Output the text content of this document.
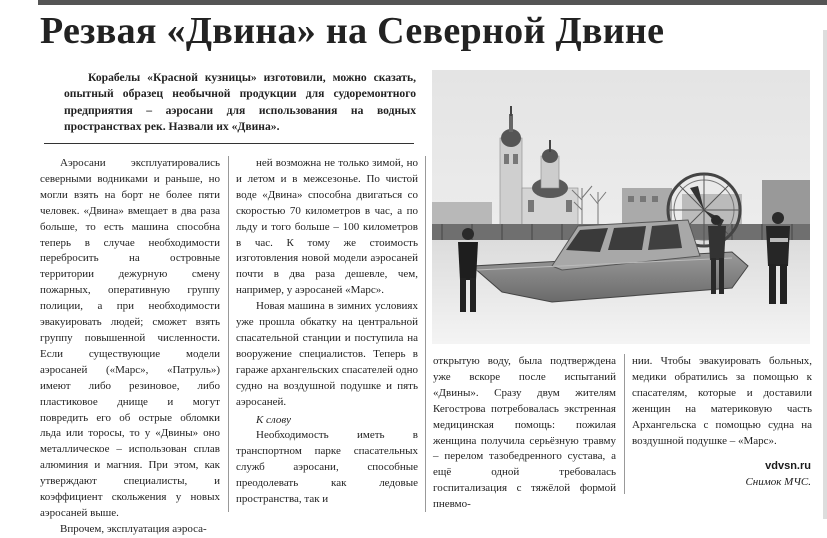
Резвая «Двина» на Северной Двине
Корабелы «Красной кузницы» изготовили, можно сказать, опытный образец необычной продукции для судоремонтного предприятия – аэросани для использования на водных пространствах рек. Назвали их «Двина».

Аэросани эксплуатировались северными водниками и раньше, но могли взять на борт не более пяти человек. «Двина» вмещает в два раза больше, то есть машина способна теперь в случае необходимости перебросить на островные территории дежурную смену пожарных, оперативную группу полиции, а при необходимости эвакуировать людей; сможет взять группу повышенной численности. Если существующие модели аэросаней («Марс», «Патруль») имеют либо резиновое, либо пластиковое днище и могут повредить его об острые обломки льда или торосы, то у «Двины» оно металлическое – использован сплав алюминия и магния. При этом, как утверждают специалисты, и коэффициент скольжения у новых аэросаней выше.

Впрочем, эксплуатация аэроса-

ней возможна не только зимой, но и летом и в межсезонье. По чистой воде «Двина» способна двигаться со скоростью 70 километров в час, а по льду и того больше – 100 километров в час. К тому же стоимость изготовления новой модели аэросаней почти в два раза дешевле, чем, например, у аэросаней «Марс».

Новая машина в зимних условиях уже прошла обкатку на центральной спасательной станции и поступила на вооружение специалистов. Теперь в гараже архангельских спасателей одно судно на воздушной подушке и пять аэросаней.

К слову

Необходимость иметь в транспортном парке спасательных служб аэросани, способные преодолевать как ледовые пространства, так и

открытую воду, была подтверждена уже вскоре после испытаний «Двины». Сразу двум жителям Кегострова потребовалась экстренная медицинская помощь: пожилая женщина получила серьёзную травму – перелом тазобедренного сустава, а ещё одной требовалась госпитализация с тяжёлой формой пневмо-

нии. Чтобы эвакуировать больных, медики обратились за помощью к спасателям, которые и доставили женщин на материковую часть Архангельска с помощью судна на воздушной подушке – «Марс».

vdvsn.ru
Снимок МЧС.
